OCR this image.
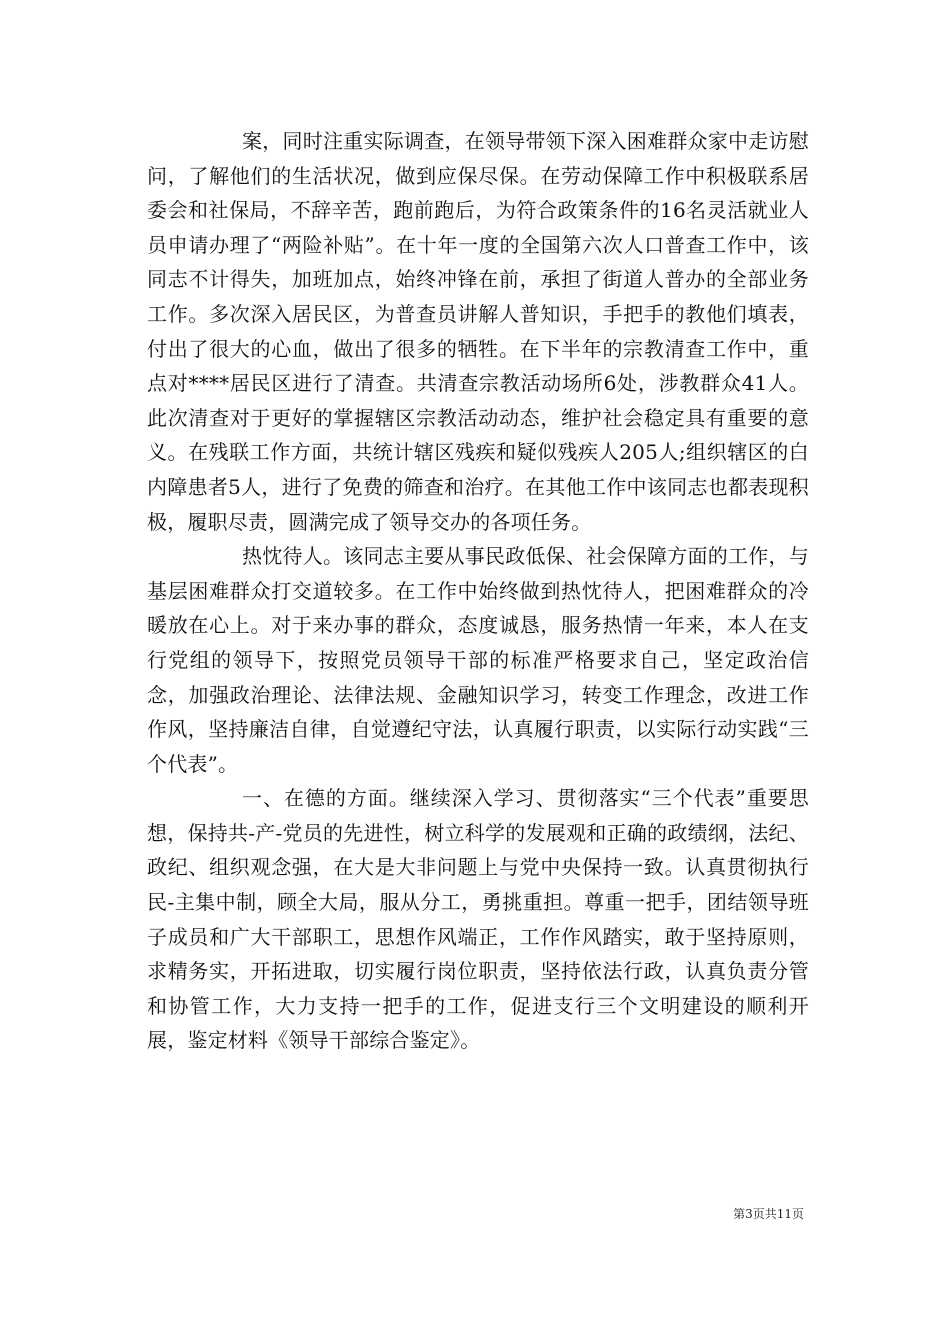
案，同时注重实际调查，在领导带领下深入困难群众家中走访慰问，了解他们的生活状况，做到应保尽保。在劳动保障工作中积极联系居委会和社保局，不辞辛苦，跑前跑后，为符合政策条件的16名灵活就业人员申请办理了“两险补贴”。在十年一度的全国第六次人口普查工作中，该同志不计得失，加班加点，始终冲锋在前，承担了街道人普办的全部业务工作。多次深入居民区，为普查员讲解人普知识，手把手的教他们填表，付出了很大的心血，做出了很多的牺牲。在下半年的宗教清查工作中，重点对****居民区进行了清查。共清查宗教活动场所6处，涉教群众41人。此次清查对于更好的掌握辖区宗教活动动态，维护社会稳定具有重要的意义。在残联工作方面，共统计辖区残疾和疑似残疾人205人;组织辖区的白内障患者5人，进行了免费的筛查和治疗。在其他工作中该同志也都表现积极，履职尽责，圆满完成了领导交办的各项任务。

热忱待人。该同志主要从事民政低保、社会保障方面的工作，与基层困难群众打交道较多。在工作中始终做到热忱待人，把困难群众的冷暖放在心上。对于来办事的群众，态度诚恳，服务热情一年来，本人在支行党组的领导下，按照党员领导干部的标准严格要求自己，坚定政治信念，加强政治理论、法律法规、金融知识学习，转变工作理念，改进工作作风，坚持廉洁自律，自觉遵纪守法，认真履行职责，以实际行动实践“三个代表”。

一、在德的方面。继续深入学习、贯彻落实“三个代表”重要思想，保持共-产-党员的先进性，树立科学的发展观和正确的政绩纲，法纪、政纪、组织观念强，在大是大非问题上与党中央保持一致。认真贯彻执行民-主集中制，顾全大局，服从分工，勇挑重担。尊重一把手，团结领导班子成员和广大干部职工，思想作风端正，工作作风踏实，敢于坚持原则，求精务实，开拓进取，切实履行岗位职责，坚持依法行政，认真负责分管和协管工作，大力支持一把手的工作，促进支行三个文明建设的顺利开展，鉴定材料《领导干部综合鉴定》。

第3页共11页
